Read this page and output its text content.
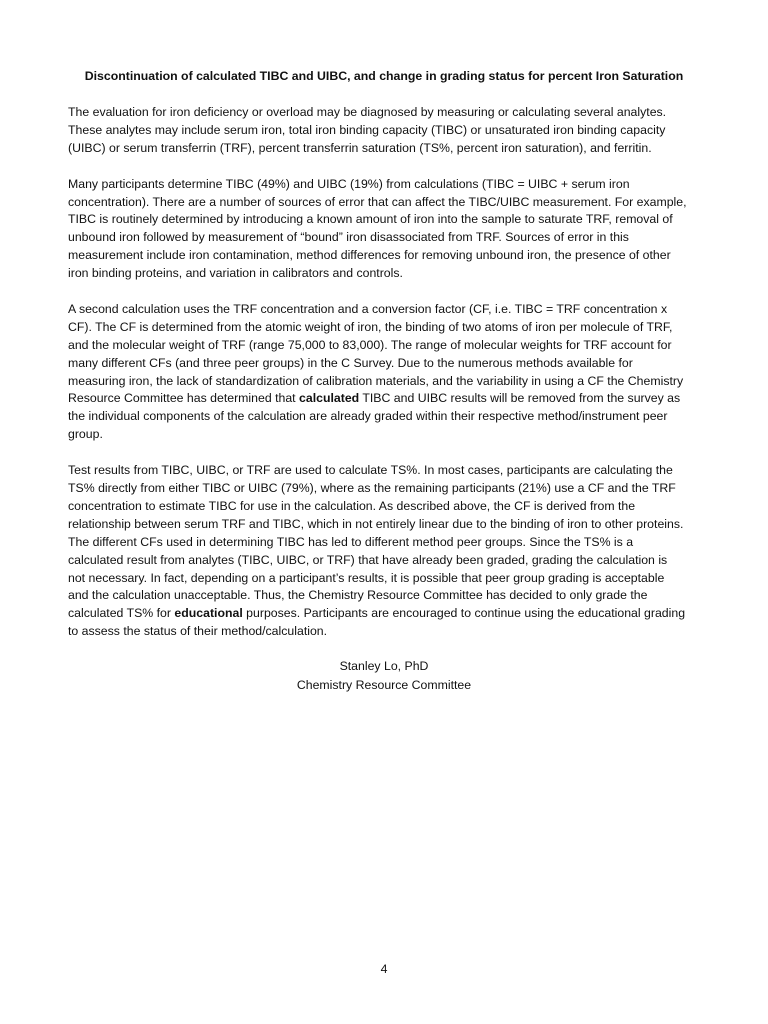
Discontinuation of calculated TIBC and UIBC, and change in grading status for percent Iron Saturation
The evaluation for iron deficiency or overload may be diagnosed by measuring or calculating several analytes.
These analytes may include serum iron, total iron binding capacity (TIBC) or unsaturated iron binding capacity
(UIBC) or serum transferrin (TRF), percent transferrin saturation (TS%, percent iron saturation), and ferritin.
Many participants determine TIBC (49%) and UIBC (19%) from calculations (TIBC = UIBC + serum iron
concentration). There are a number of sources of error that can affect the TIBC/UIBC measurement. For example,
TIBC is routinely determined by introducing a known amount of iron into the sample to saturate TRF, removal of
unbound iron followed by measurement of “bound” iron disassociated from TRF. Sources of error in this
measurement include iron contamination, method differences for removing unbound iron, the presence of other
iron binding proteins, and variation in calibrators and controls.
A second calculation uses the TRF concentration and a conversion factor (CF, i.e. TIBC = TRF concentration x
CF). The CF is determined from the atomic weight of iron, the binding of two atoms of iron per molecule of TRF,
and the molecular weight of TRF (range 75,000 to 83,000). The range of molecular weights for TRF account for
many different CFs (and three peer groups) in the C Survey. Due to the numerous methods available for
measuring iron, the lack of standardization of calibration materials, and the variability in using a CF the Chemistry
Resource Committee has determined that calculated TIBC and UIBC results will be removed from the survey as
the individual components of the calculation are already graded within their respective method/instrument peer
group.
Test results from TIBC, UIBC, or TRF are used to calculate TS%. In most cases, participants are calculating the
TS% directly from either TIBC or UIBC (79%), where as the remaining participants (21%) use a CF and the TRF
concentration to estimate TIBC for use in the calculation. As described above, the CF is derived from the
relationship between serum TRF and TIBC, which in not entirely linear due to the binding of iron to other proteins.
The different CFs used in determining TIBC has led to different method peer groups. Since the TS% is a
calculated result from analytes (TIBC, UIBC, or TRF) that have already been graded, grading the calculation is
not necessary. In fact, depending on a participant’s results, it is possible that peer group grading is acceptable
and the calculation unacceptable. Thus, the Chemistry Resource Committee has decided to only grade the
calculated TS% for educational purposes. Participants are encouraged to continue using the educational grading
to assess the status of their method/calculation.
Stanley Lo, PhD
Chemistry Resource Committee
4
